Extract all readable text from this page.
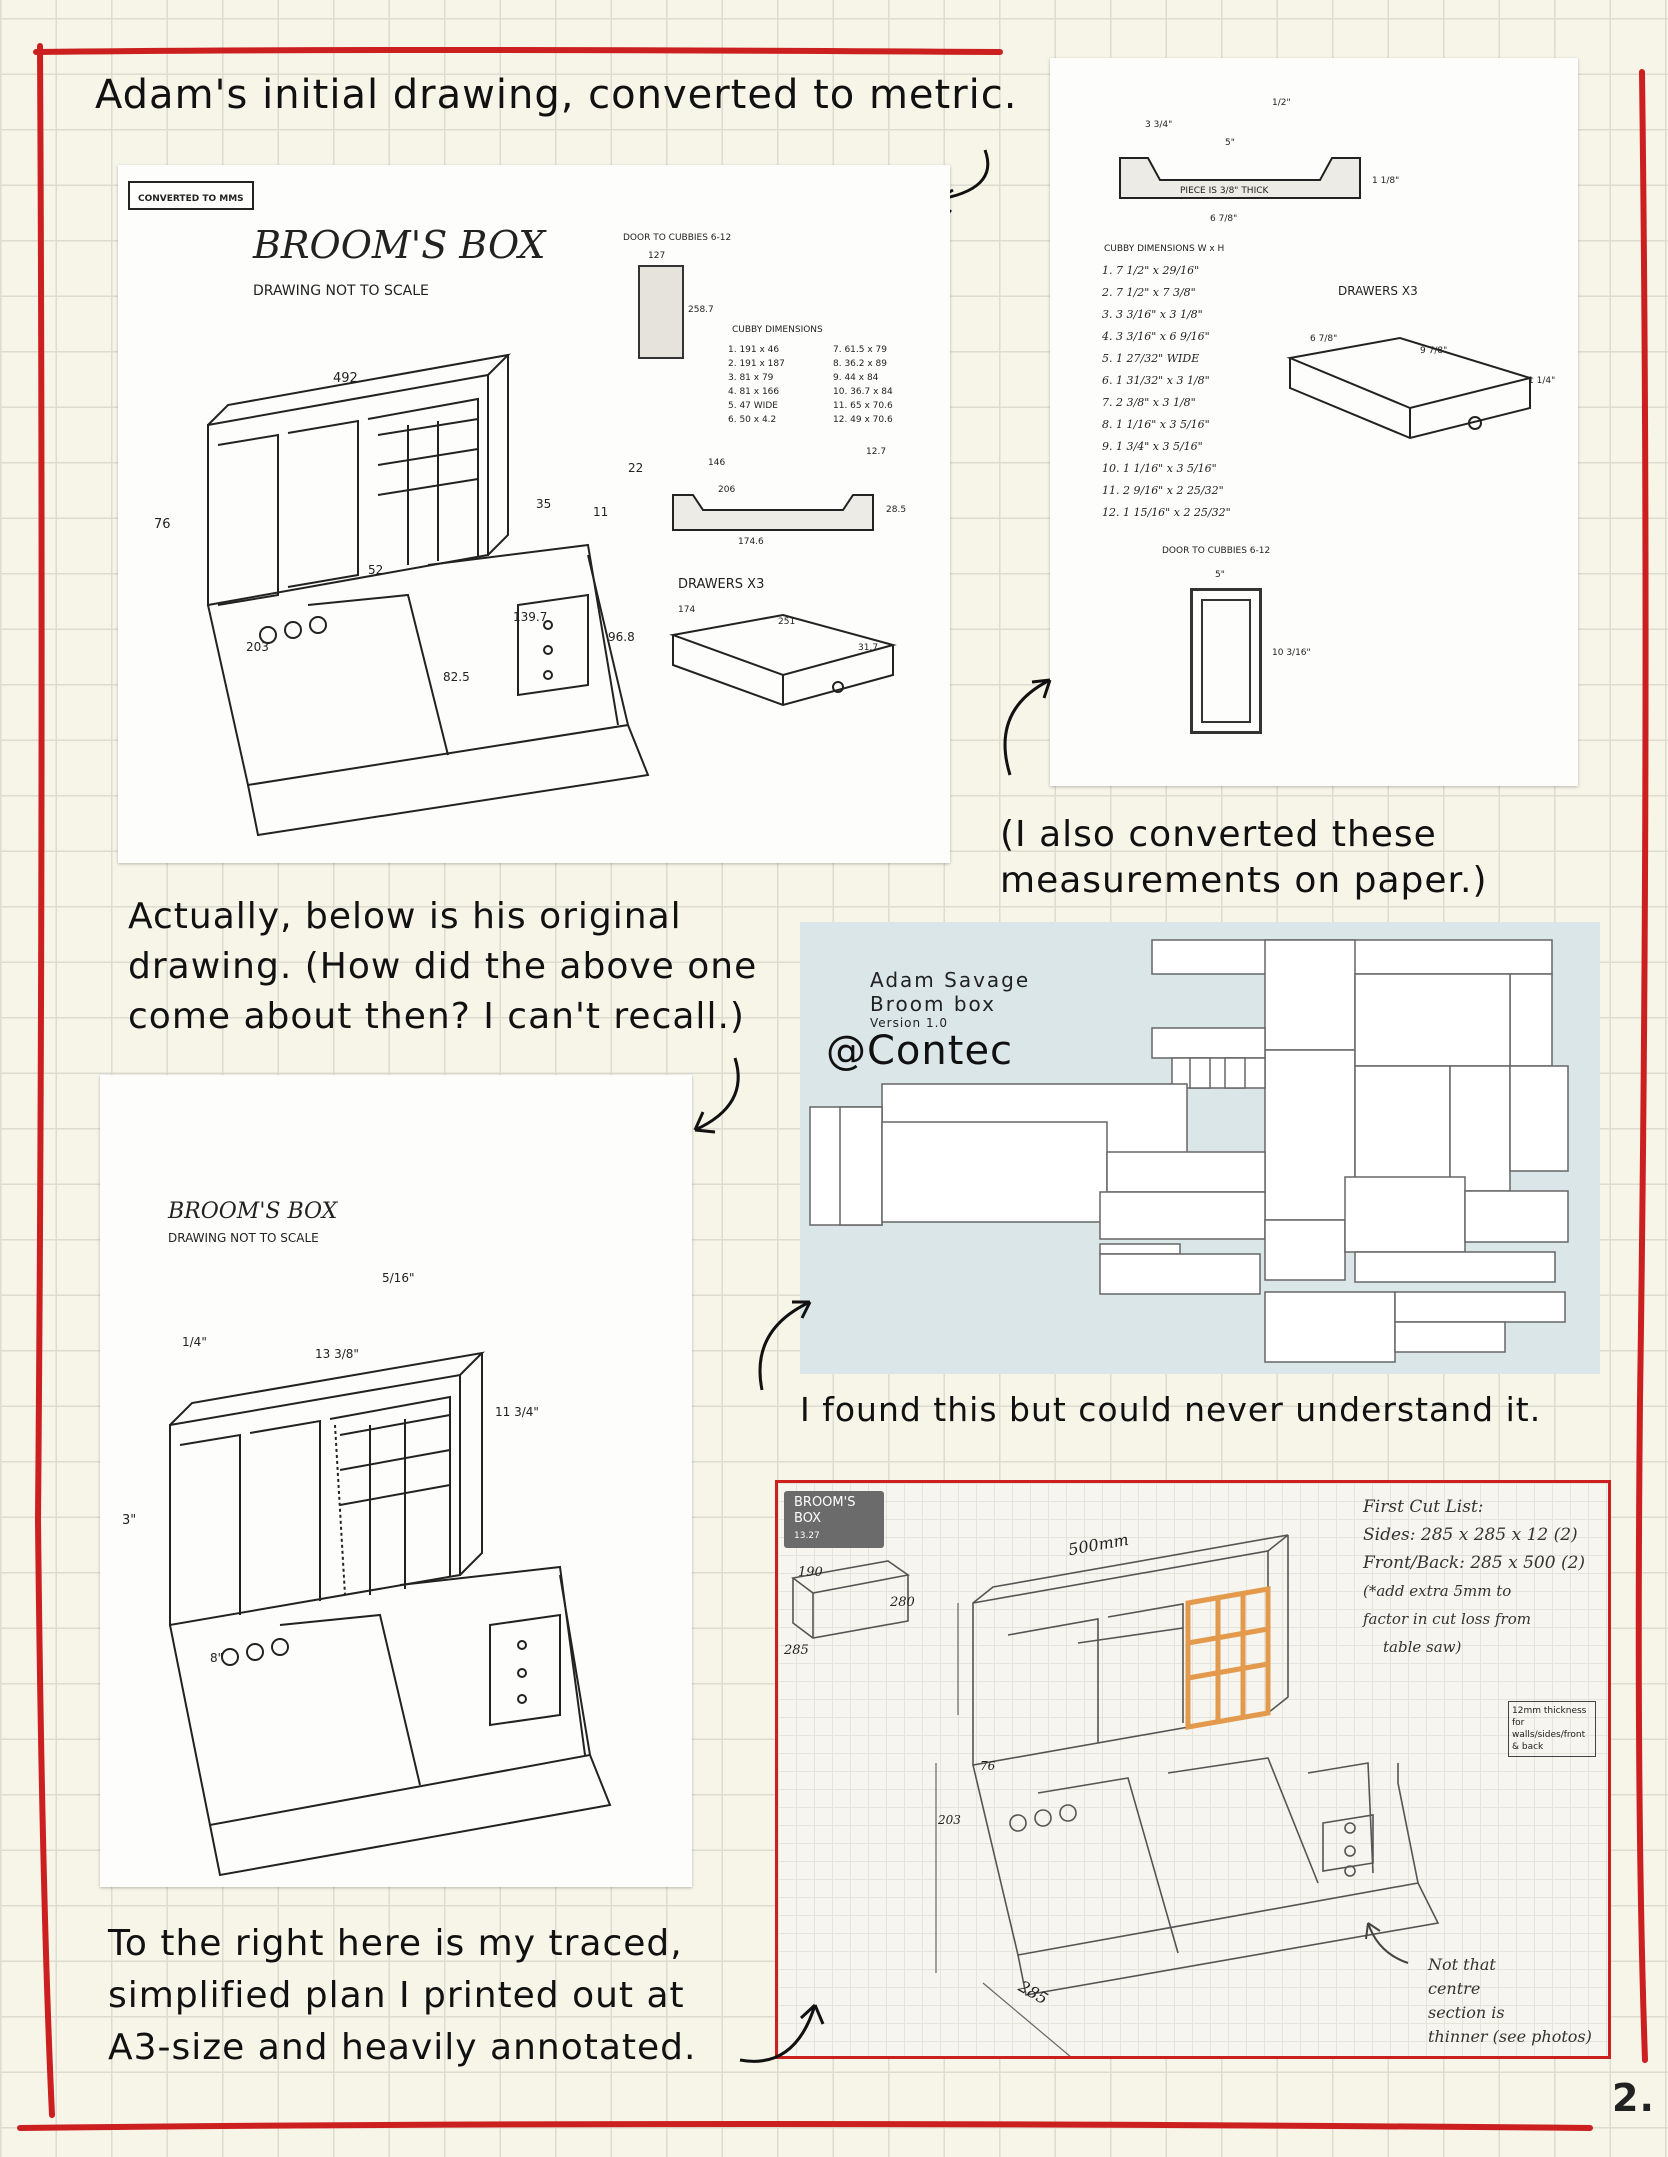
Adam's initial drawing, converted to metric.
CONVERTED TO MMS
BROOM'S BOX
DRAWING NOT TO SCALE
492
76
52
203
96.8
139.7
82.5
35
22
11
DOOR TO CUBBIES 6-12
127
258.7
CUBBY DIMENSIONS
1. 191 x 46	7. 61.5 x 79
2. 191 x 187	8. 36.2 x 89
3. 81 x 79	9. 44 x 84
4. 81 x 166	10. 36.7 x 84
5. 47 WIDE	11. 65 x 70.6
6. 50 x 4.2	12. 49 x 70.6
146
206
174.6
28.5
12.7
DRAWERS X3
174
251
31.7
3 3/4"
5"
1/2"
1 1/8"
6 7/8"
PIECE IS 3/8" THICK
CUBBY DIMENSIONS W x H
1. 7 1/2" x 29/16"
2. 7 1/2" x 7 3/8"
3. 3 3/16" x 3 1/8"
4. 3 3/16" x 6 9/16"
5. 1 27/32" WIDE
6. 1 31/32" x 3 1/8"
7. 2 3/8" x 3 1/8"
8. 1 1/16" x 3 5/16"
9. 1 3/4" x 3 5/16"
10. 1 1/16" x 3 5/16"
11. 2 9/16" x 2 25/32"
12. 1 15/16" x 2 25/32"
DRAWERS X3
6 7/8"
9 7/8"
1 1/4"
DOOR TO CUBBIES 6-12
5"
10 3/16"
(I also converted these measurements on paper.)
Actually, below is his original
drawing. (How did the above one
come about then? I can't recall.)
BROOM'S BOX
DRAWING NOT TO SCALE
13 3/8"
3"
8"
1/4"
5/16"
11 3/4"
Adam Savage
Broom box
Version 1.0
@Contec
I found this but could never understand it.
BROOM'S BOX
13.27	500mm
190
280
285
76
203
285
First Cut List:
Sides: 285 x 285 x 12 (2)
Front/Back: 285 x 500 (2)
(*add extra 5mm to
factor in cut loss from
table saw)
12mm thickness for walls/sides/front & back
Not that
centre
section is
thinner (see photos)
To the right here is my traced,
simplified plan I printed out at
A3-size and heavily annotated.
2.
